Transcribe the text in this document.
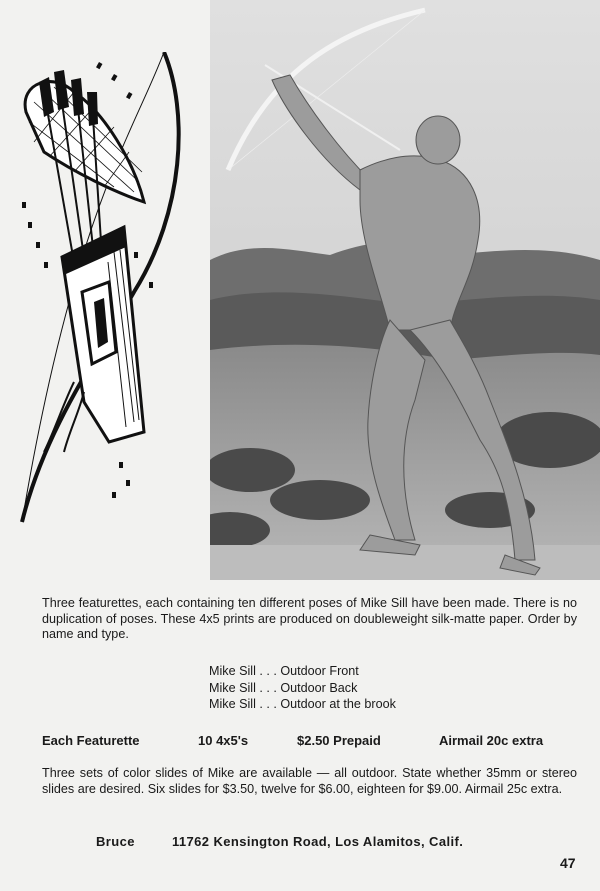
Three featurettes, each containing ten different poses of Mike Sill have been made. There is no duplication of poses. These 4x5 prints are produced on doubleweight silk-matte paper. Order by name and type.
Mike Sill . . . Outdoor Front
Mike Sill . . . Outdoor Back
Mike Sill . . . Outdoor at the brook
Each Featurette	10 4x5's	$2.50 Prepaid	Airmail 20c extra
Three sets of color slides of Mike are available — all outdoor. State whether 35mm or stereo slides are desired. Six slides for $3.50, twelve for $6.00, eighteen for $9.00. Airmail 25c extra.
Bruce	11762 Kensington Road, Los Alamitos, Calif.
47
